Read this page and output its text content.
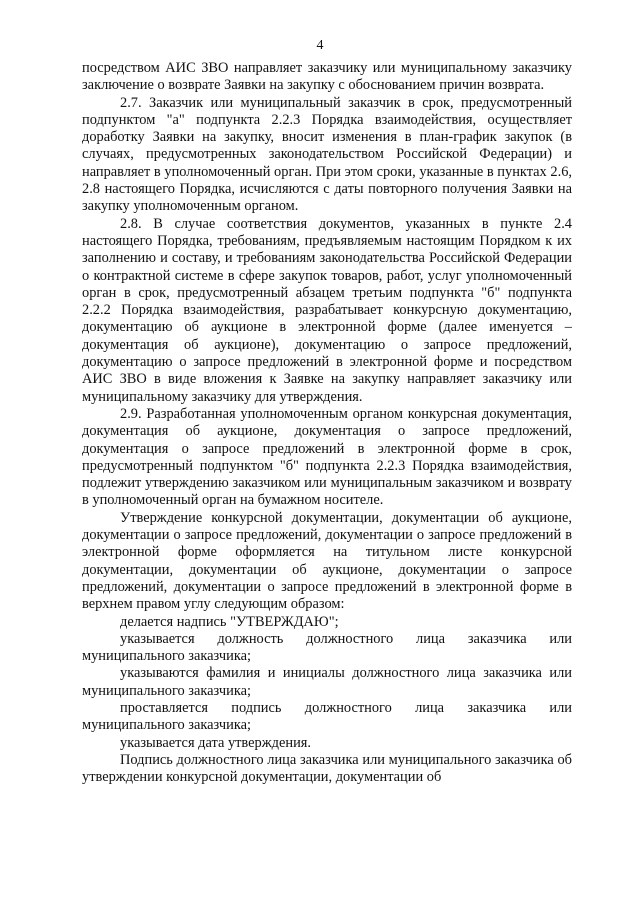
4

посредством АИС ЗВО направляет заказчику или муниципальному заказчику заключение о возврате Заявки на закупку с обоснованием причин возврата.

2.7. Заказчик или муниципальный заказчик в срок, предусмотренный подпунктом "а" подпункта 2.2.3 Порядка взаимодействия, осуществляет доработку Заявки на закупку, вносит изменения в план-график закупок (в случаях, предусмотренных законодательством Российской Федерации) и направляет в уполномоченный орган. При этом сроки, указанные в пунктах 2.6, 2.8 настоящего Порядка, исчисляются с даты повторного получения Заявки на закупку уполномоченным органом.

2.8. В случае соответствия документов, указанных в пункте 2.4 настоящего Порядка, требованиям, предъявляемым настоящим Порядком к их заполнению и составу, и требованиям законодательства Российской Федерации о контрактной системе в сфере закупок товаров, работ, услуг уполномоченный орган в срок, предусмотренный абзацем третьим подпункта "б" подпункта 2.2.2 Порядка взаимодействия, разрабатывает конкурсную документацию, документацию об аукционе в электронной форме (далее именуется – документация об аукционе), документацию о запросе предложений, документацию о запросе предложений в электронной форме и посредством АИС ЗВО в виде вложения к Заявке на закупку направляет заказчику или муниципальному заказчику для утверждения.

2.9. Разработанная уполномоченным органом конкурсная документация, документация об аукционе, документация о запросе предложений, документация о запросе предложений в электронной форме в срок, предусмотренный подпунктом "б" подпункта 2.2.3 Порядка взаимодействия, подлежит утверждению заказчиком или муниципальным заказчиком и возврату в уполномоченный орган на бумажном носителе.

Утверждение конкурсной документации, документации об аукционе, документации о запросе предложений, документации о запросе предложений в электронной форме оформляется на титульном листе конкурсной документации, документации об аукционе, документации о запросе предложений, документации о запросе предложений в электронной форме в верхнем правом углу следующим образом:

делается надпись "УТВЕРЖДАЮ";

указывается должность должностного лица заказчика или муниципального заказчика;

указываются фамилия и инициалы должностного лица заказчика или муниципального заказчика;

проставляется подпись должностного лица заказчика или муниципального заказчика;

указывается дата утверждения.

Подпись должностного лица заказчика или муниципального заказчика об утверждении конкурсной документации, документации об
